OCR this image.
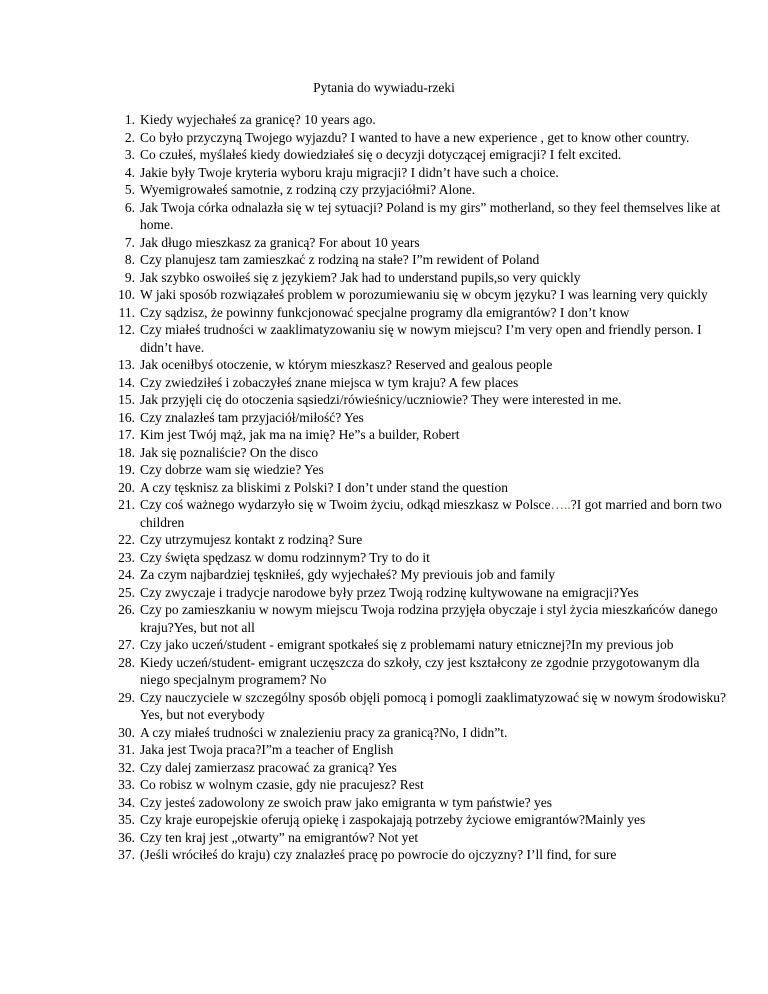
Pytania do wywiadu-rzeki
1. Kiedy wyjechałeś za granicę? 10 years ago.
2. Co było przyczyną Twojego wyjazdu? I wanted to have a new experience , get to know other country.
3. Co czułeś, myślałeś kiedy dowiedziałeś się o decyzji dotyczącej emigracji? I felt excited.
4. Jakie były Twoje kryteria wyboru kraju migracji? I didn’t have such a choice.
5. Wyemigrowałeś samotnie, z rodziną czy przyjaciółmi? Alone.
6. Jak Twoja córka odnalazła się w tej sytuacji? Poland is my girs” motherland, so they feel themselves like at home.
7. Jak długo mieszkasz za granicą? For about 10 years
8. Czy planujesz tam zamieszkać z rodziną na stałe? I”m rewident of Poland
9. Jak szybko oswoiłeś się z językiem? Jak had to understand pupils,so very quickly
10. W jaki sposób rozwiązałeś problem w porozumiewaniu się w obcym języku? I was learning very quickly
11. Czy sądzisz, że powinny funkcjonować specjalne programy dla emigrantów? I don’t know
12. Czy miałeś trudności w zaaklimatyzowaniu się w nowym miejscu? I’m very open and friendly person. I didn’t have.
13. Jak oceniłbyś otoczenie, w którym mieszkasz? Reserved and gealous people
14. Czy zwiedziłeś i zobaczyłeś znane miejsca w tym kraju? A few places
15. Jak przyjęli cię do otoczenia sąsiedzi/rówieśnicy/uczniowie? They were interested in me.
16. Czy znalazłeś tam przyjaciół/miłość? Yes
17. Kim jest Twój mąż, jak ma na imię? He”s a builder, Robert
18. Jak się poznaliście? On the disco
19. Czy dobrze wam się wiedzie? Yes
20. A czy tęsknisz za bliskimi z Polski? I don’t under stand the question
21. Czy coś ważnego wydarzyło się w Twoim życiu, odkąd mieszkasz w Polsce…..?I got married and born two children
22. Czy utrzymujesz kontakt z rodziną? Sure
23. Czy święta spędzasz w domu rodzinnym? Try to do it
24. Za czym najbardziej tęskniłeś, gdy wyjechałeś? My previouis job and family
25. Czy zwyczaje i tradycje narodowe były przez Twoją rodzinę kultywowane na emigracji?Yes
26. Czy po zamieszkaniu w nowym miejscu Twoja rodzina przyjęła obyczaje i styl życia mieszkańców danego kraju?Yes, but not all
27. Czy jako uczeń/student - emigrant spotkałeś się z problemami natury etnicznej?In my previous job
28. Kiedy uczeń/student- emigrant uczęszcza do szkoły, czy jest kształcony ze zgodnie przygotowanym dla niego specjalnym programem? No
29. Czy nauczyciele w szczególny sposób objęli pomocą i pomogli zaaklimatyzować się w nowym środowisku?Yes, but not everybody
30. A czy miałeś trudności w znalezieniu pracy za granicą?No, I didn”t.
31. Jaka jest Twoja praca?I”m a teacher of English
32. Czy dalej zamierzasz pracować za granicą? Yes
33. Co robisz w wolnym czasie, gdy nie pracujesz? Rest
34. Czy jesteś zadowolony ze swoich praw jako emigranta w tym państwie? yes
35. Czy kraje europejskie oferują opiekę i zaspokajają potrzeby życiowe emigrantów?Mainly yes
36. Czy ten kraj jest „otwarty” na emigrantów? Not yet
37. (Jeśli wróciłeś do kraju) czy znalazłeś pracę po powrocie do ojczyzny? I’ll find, for sure
